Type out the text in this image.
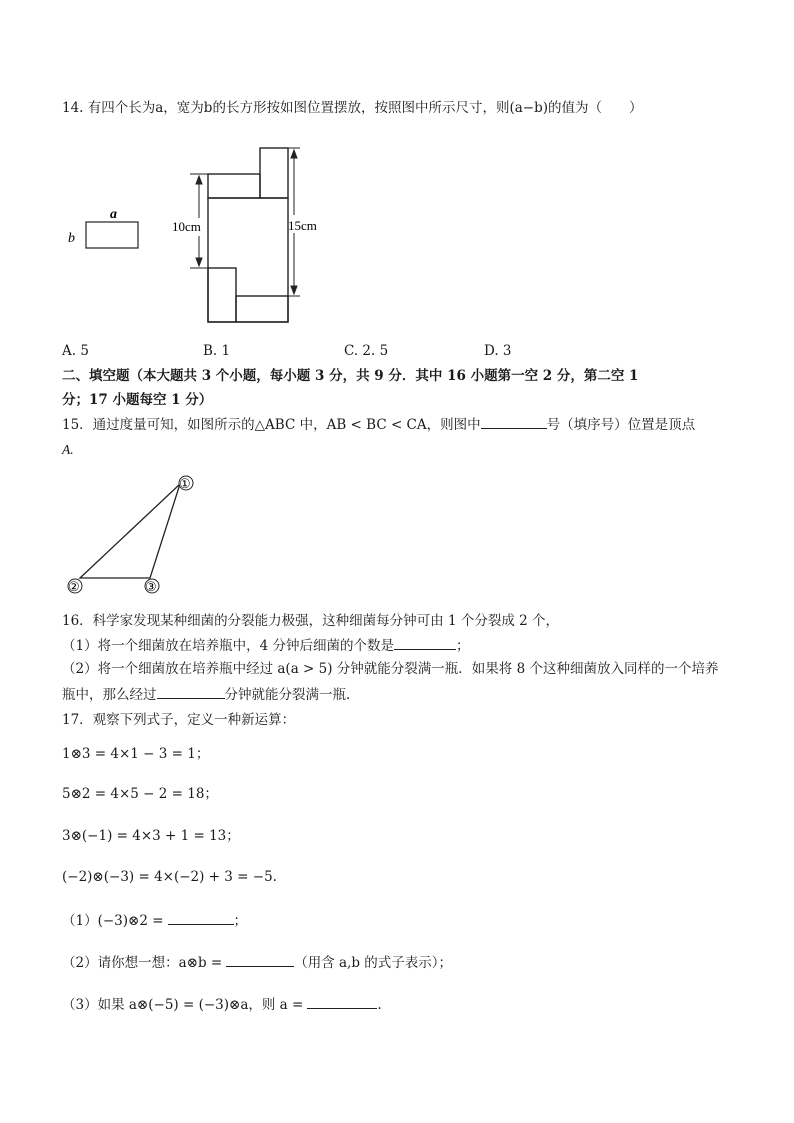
14. 有四个长为a，宽为b的长方形按如图位置摆放，按照图中所示尺寸，则(a−b)的值为（　　）
a
b
10cm	15cm
A. 5	B. 1	C. 2. 5	D. 3
二、填空题（本大题共 3 个小题，每小题 3 分，共 9 分．其中 16 小题第一空 2 分，第二空 1
分；17 小题每空 1 分）
15．通过度量可知，如图所示的△ABC 中，AB < BC < CA，则图中	号（填序号）位置是顶点
A.
①
②	③
16．科学家发现某种细菌的分裂能力极强，这种细菌每分钟可由 1 个分裂成 2 个，
（1）将一个细菌放在培养瓶中，4 分钟后细菌的个数是	；
（2）将一个细菌放在培养瓶中经过 a(a > 5) 分钟就能分裂满一瓶．如果将 8 个这种细菌放入同样的一个培养
瓶中，那么经过	分钟就能分裂满一瓶.
17．观察下列式子，定义一种新运算：
1⊗3 = 4×1 − 3 = 1；
5⊗2 = 4×5 − 2 = 18；
3⊗(−1) = 4×3 + 1 = 13；
(−2)⊗(−3) = 4×(−2) + 3 = −5.
（1）(−3)⊗2 =	；
（2）请你想一想：a⊗b =	（用含 a,b 的式子表示）；
（3）如果 a⊗(−5) = (−3)⊗a，则 a =	.
